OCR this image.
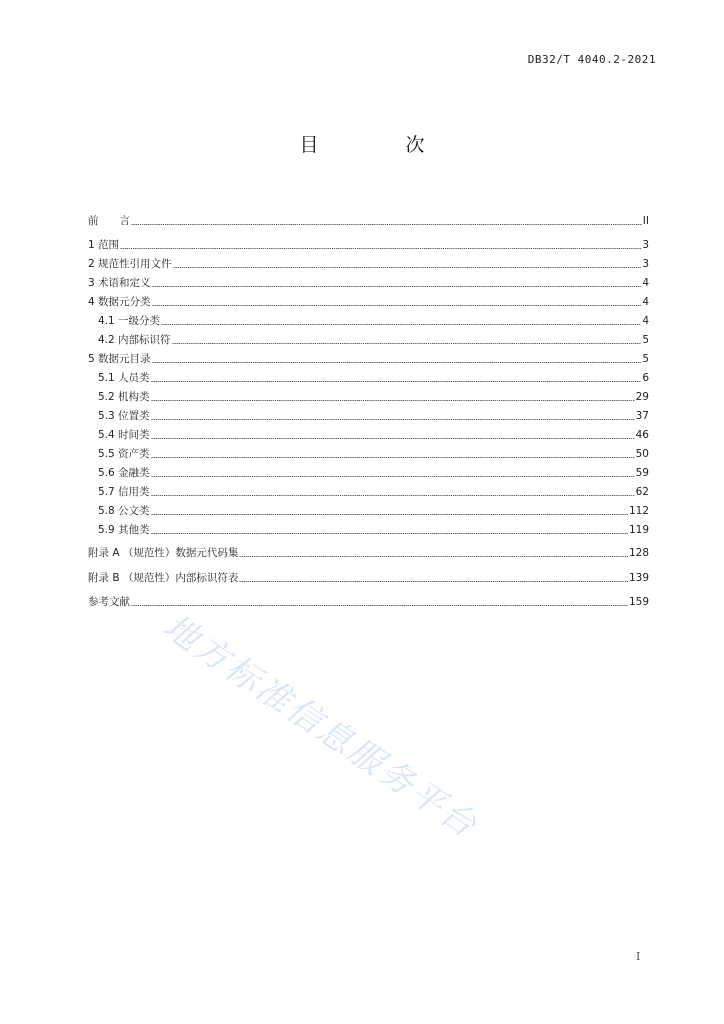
DB32/T 4040.2-2021
目　次
前　　 言	II
1 范围	3
2 规范性引用文件	3
3 术语和定义	4
4 数据元分类	4
4.1 一级分类	4
4.2 内部标识符	5
5 数据元目录	5
5.1 人员类	6
5.2 机构类	29
5.3 位置类	37
5.4 时间类	46
5.5 资产类	50
5.6 金融类	59
5.7 信用类	62
5.8 公文类	112
5.9 其他类	119
附录 A （规范性） 数据元代码集	128
附录 B （规范性） 内部标识符表	139
参考文献	159
地方标准信息服务平台
I
